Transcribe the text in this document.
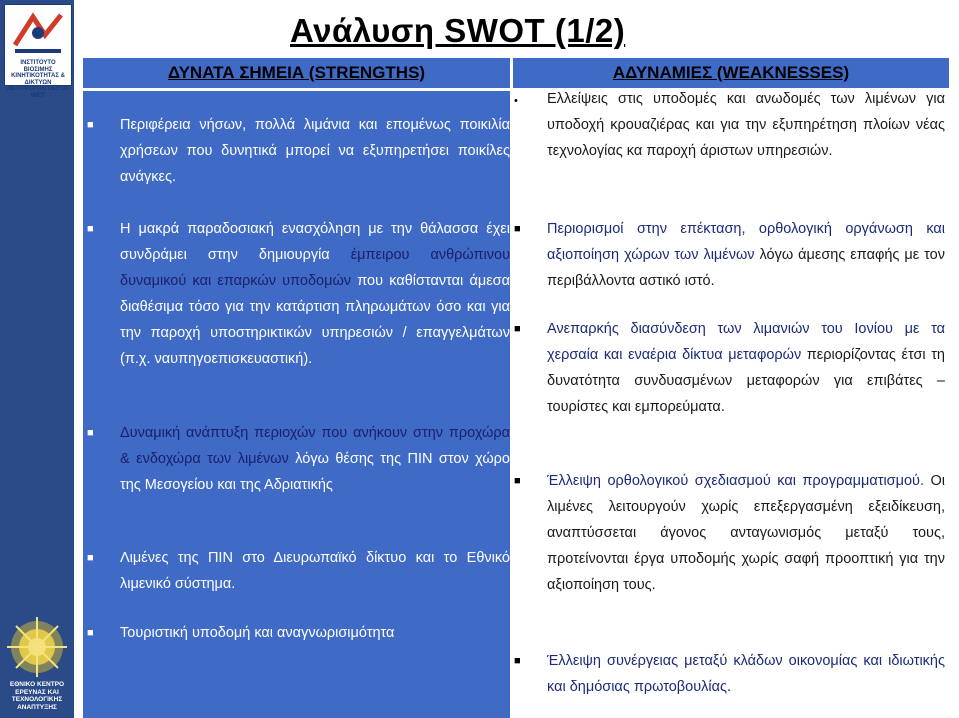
ΙΝΣΤΙΤΟΥΤΟ ΒΙΟΣΙΜΗΣ ΚΙΝΗΤΙΚΟΤΗΤΑΣ & ΔΙΚΤΥΩΝ ΜΕΤΑΦΟΡΩΝ ΕΚΕΤΑ/ΙΜΕΤ
ΕΘΝΙΚΟ ΚΕΝΤΡΟ ΕΡΕΥΝΑΣ ΚΑΙ ΤΕΧΝΟΛΟΓΙΚΗΣ ΑΝΑΠΤΥΞΗΣ
Ανάλυση SWOT (1/2)
ΔΥΝΑΤΑ ΣΗΜΕΙΑ (STRENGTHS)	ΑΔΥΝΑΜΙΕΣ (WEAKNESSES)
■ Περιφέρεια νήσων, πολλά λιμάνια και επομένως ποικιλία χρήσεων που δυνητικά μπορεί να εξυπηρετήσει ποικίλες ανάγκες.
■ Η μακρά παραδοσιακή ενασχόληση με την θάλασσα έχει συνδράμει στην δημιουργία έμπειρου ανθρώπινου δυναμικού και επαρκών υποδομών που καθίστανται άμεσα διαθέσιμα τόσο για την κατάρτιση πληρωμάτων όσο και για την παροχή υποστηρικτικών υπηρεσιών / επαγγελμάτων (π.χ. ναυπηγοεπισκευαστική).
■ Δυναμική ανάπτυξη περιοχών που ανήκουν στην προχώρα & ενδοχώρα των λιμένων λόγω θέσης της ΠΙΝ στον χώρο της Μεσογείου και της Αδριατικής
■ Λιμένες της ΠΙΝ στο Διευρωπαϊκό δίκτυο και το Εθνικό λιμενικό σύστημα.
■ Τουριστική υποδομή και αναγνωρισιμότητα
• Ελλείψεις στις υποδομές και ανωδομές των λιμένων για υποδοχή κρουαζιέρας και για την εξυπηρέτηση πλοίων νέας τεχνολογίας κα παροχή άριστων υπηρεσιών.
■ Περιορισμοί στην επέκταση, ορθολογική οργάνωση και αξιοποίηση χώρων των λιμένων λόγω άμεσης επαφής με τον περιβάλλοντα αστικό ιστό.
■ Ανεπαρκής διασύνδεση των λιμανιών του Ιονίου με τα χερσαία και εναέρια δίκτυα μεταφορών περιορίζοντας έτσι τη δυνατότητα συνδυασμένων μεταφορών για επιβάτες – τουρίστες και εμπορεύματα.
■ Έλλειψη ορθολογικού σχεδιασμού και προγραμματισμού. Οι λιμένες λειτουργούν χωρίς επεξεργασμένη εξειδίκευση, αναπτύσσεται άγονος ανταγωνισμός μεταξύ τους, προτείνονται έργα υποδομής χωρίς σαφή προοπτική για την αξιοποίηση τους.
■ Έλλειψη συνέργειας μεταξύ κλάδων οικονομίας και ιδιωτικής και δημόσιας πρωτοβουλίας.
